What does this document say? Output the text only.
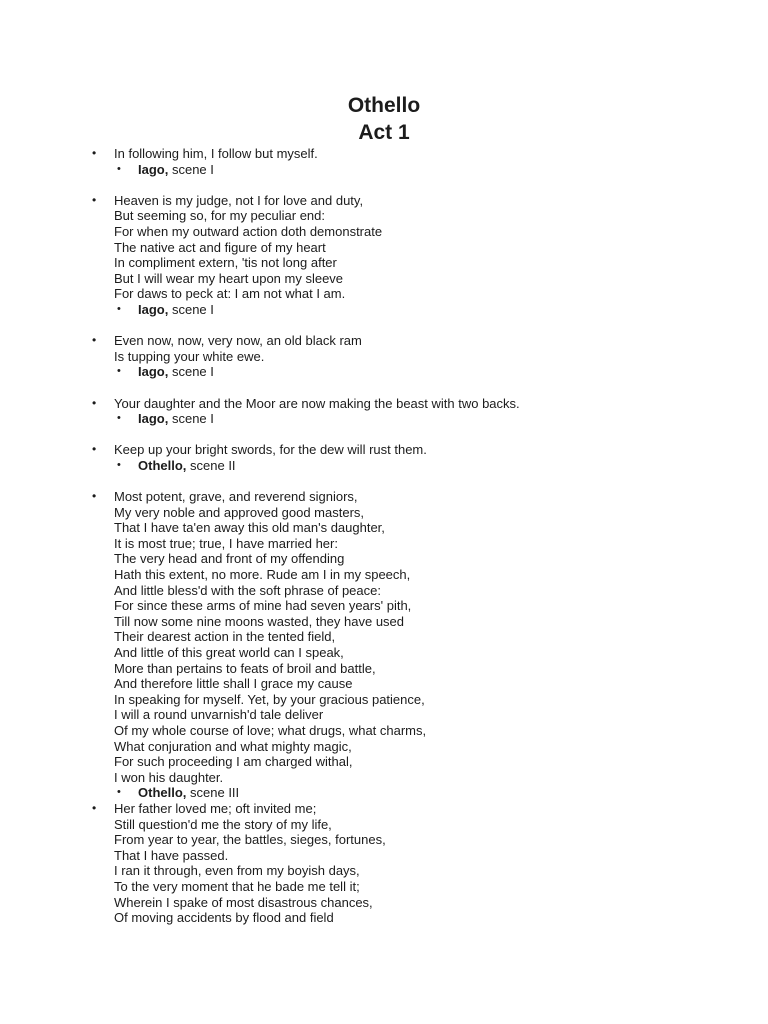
Othello
Act 1
• In following him, I follow but myself.
• Iago, scene I
• Heaven is my judge, not I for love and duty,
But seeming so, for my peculiar end:
For when my outward action doth demonstrate
The native act and figure of my heart
In compliment extern, 'tis not long after
But I will wear my heart upon my sleeve
For daws to peck at: I am not what I am.
• Iago, scene I
• Even now, now, very now, an old black ram
Is tupping your white ewe.
• Iago, scene I
• Your daughter and the Moor are now making the beast with two backs.
• Iago, scene I
• Keep up your bright swords, for the dew will rust them.
• Othello, scene II
• Most potent, grave, and reverend signiors,
My very noble and approved good masters,
That I have ta'en away this old man's daughter,
It is most true; true, I have married her:
The very head and front of my offending
Hath this extent, no more. Rude am I in my speech,
And little bless'd with the soft phrase of peace:
For since these arms of mine had seven years' pith,
Till now some nine moons wasted, they have used
Their dearest action in the tented field,
And little of this great world can I speak,
More than pertains to feats of broil and battle,
And therefore little shall I grace my cause
In speaking for myself. Yet, by your gracious patience,
I will a round unvarnish'd tale deliver
Of my whole course of love; what drugs, what charms,
What conjuration and what mighty magic,
For such proceeding I am charged withal,
I won his daughter.
• Othello, scene III
• Her father loved me; oft invited me;
Still question'd me the story of my life,
From year to year, the battles, sieges, fortunes,
That I have passed.
I ran it through, even from my boyish days,
To the very moment that he bade me tell it;
Wherein I spake of most disastrous chances,
Of moving accidents by flood and field
